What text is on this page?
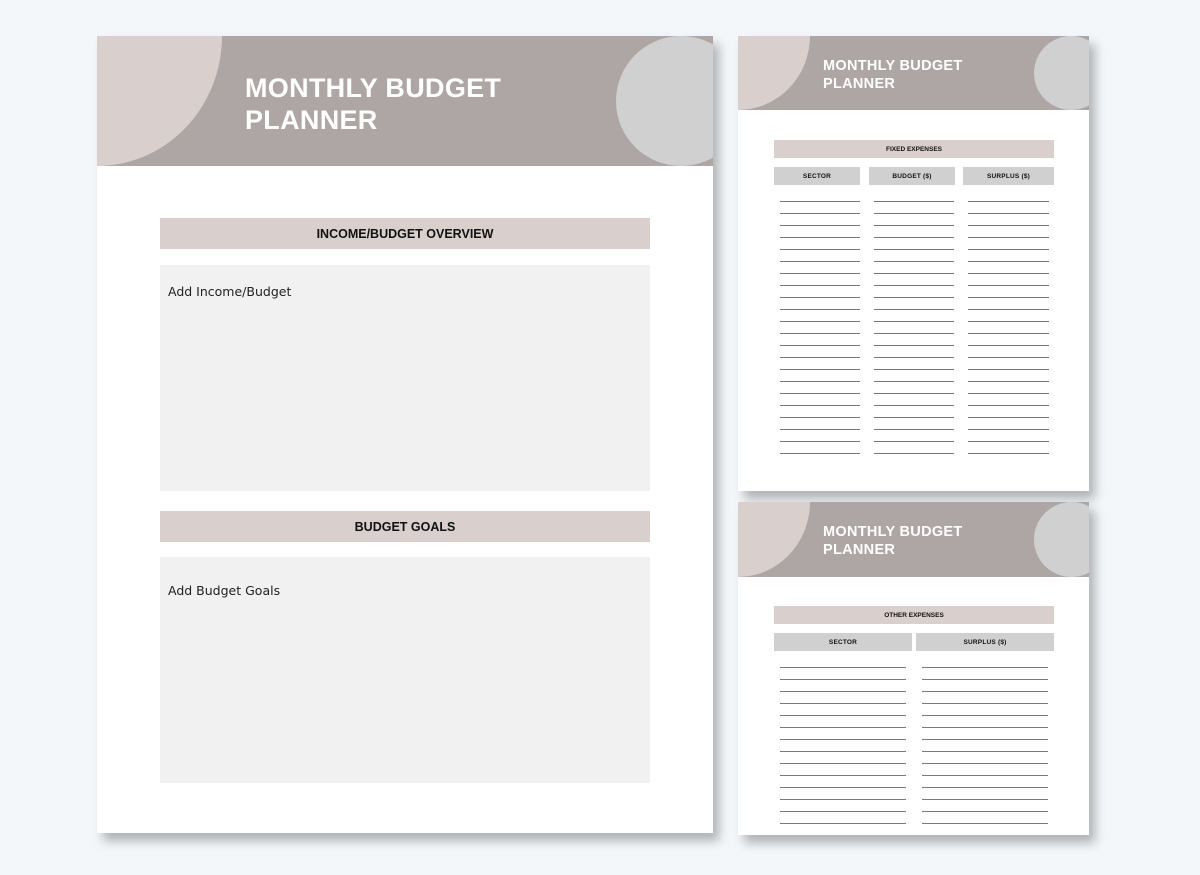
MONTHLY BUDGET
PLANNER
INCOME/BUDGET OVERVIEW
Add Income/Budget
BUDGET GOALS
Add Budget Goals
MONTHLY BUDGET
PLANNER
FIXED EXPENSES
SECTOR	BUDGET ($)	SURPLUS ($)
MONTHLY BUDGET
PLANNER
OTHER EXPENSES
SECTOR	SURPLUS ($)
